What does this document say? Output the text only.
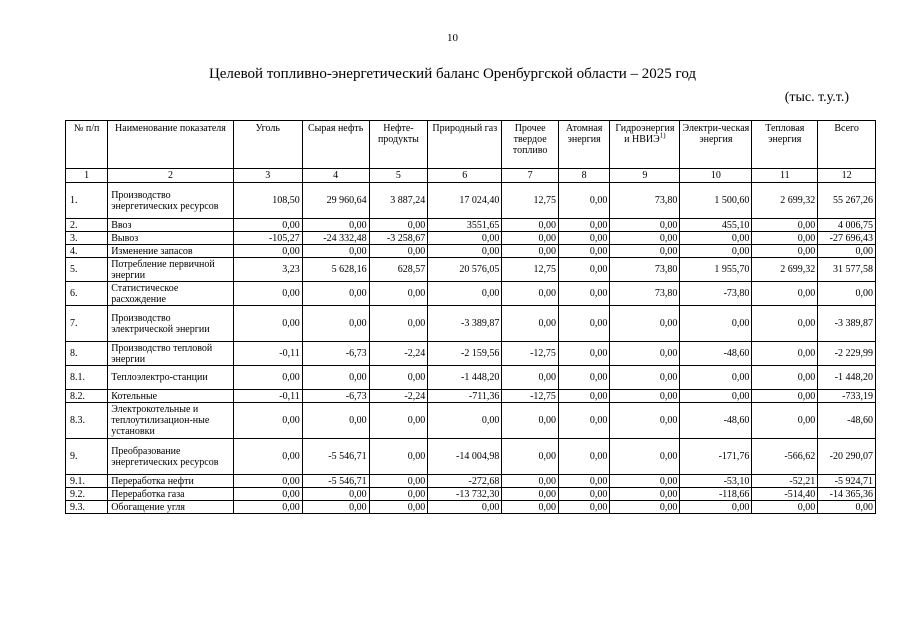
10
Целевой топливно-энергетический баланс Оренбургской области – 2025 год
(тыс. т.у.т.)
№ п/п	Наименование показателя	Уголь	Сырая нефть	Нефте-продукты	Природный газ	Прочее твердое топливо	Атомная энергия	Гидроэнергия и НВИЭ$^{1)}$	Электри-ческая энергия	Тепловая энергия	Всего
1	2	3	4	5	6	7	8	9	10	11	12
1.	Производство энергетических ресурсов	108,50	29 960,64	3 887,24	17 024,40	12,75	0,00	73,80	1 500,60	2 699,32	55 267,26
2.	Ввоз	0,00	0,00	0,00	3551,65	0,00	0,00	0,00	455,10	0,00	4 006,75
3.	Вывоз	-105,27	-24 332,48	-3 258,67	0,00	0,00	0,00	0,00	0,00	0,00	-27 696,43
4.	Изменение запасов	0,00	0,00	0,00	0,00	0,00	0,00	0,00	0,00	0,00	0,00
5.	Потребление первичной энергии	3,23	5 628,16	628,57	20 576,05	12,75	0,00	73,80	1 955,70	2 699,32	31 577,58
6.	Статистическое расхождение	0,00	0,00	0,00	0,00	0,00	0,00	73,80	-73,80	0,00	0,00
7.	Производство электрической энергии	0,00	0,00	0,00	-3 389,87	0,00	0,00	0,00	0,00	0,00	-3 389,87
8.	Производство тепловой энергии	-0,11	-6,73	-2,24	-2 159,56	-12,75	0,00	0,00	-48,60	0,00	-2 229,99
8.1.	Теплоэлектро-станции	0,00	0,00	0,00	-1 448,20	0,00	0,00	0,00	0,00	0,00	-1 448,20
8.2.	Котельные	-0,11	-6,73	-2,24	-711,36	-12,75	0,00	0,00	0,00	0,00	-733,19
8.3.	Электрокотельные и теплоутилизацион-ные установки	0,00	0,00	0,00	0,00	0,00	0,00	0,00	-48,60	0,00	-48,60
9.	Преобразование энергетических ресурсов	0,00	-5 546,71	0,00	-14 004,98	0,00	0,00	0,00	-171,76	-566,62	-20 290,07
9.1.	Переработка нефти	0,00	-5 546,71	0,00	-272,68	0,00	0,00	0,00	-53,10	-52,21	-5 924,71
9.2.	Переработка газа	0,00	0,00	0,00	-13 732,30	0,00	0,00	0,00	-118,66	-514,40	-14 365,36
9.3.	Обогащение угля	0,00	0,00	0,00	0,00	0,00	0,00	0,00	0,00	0,00	0,00
